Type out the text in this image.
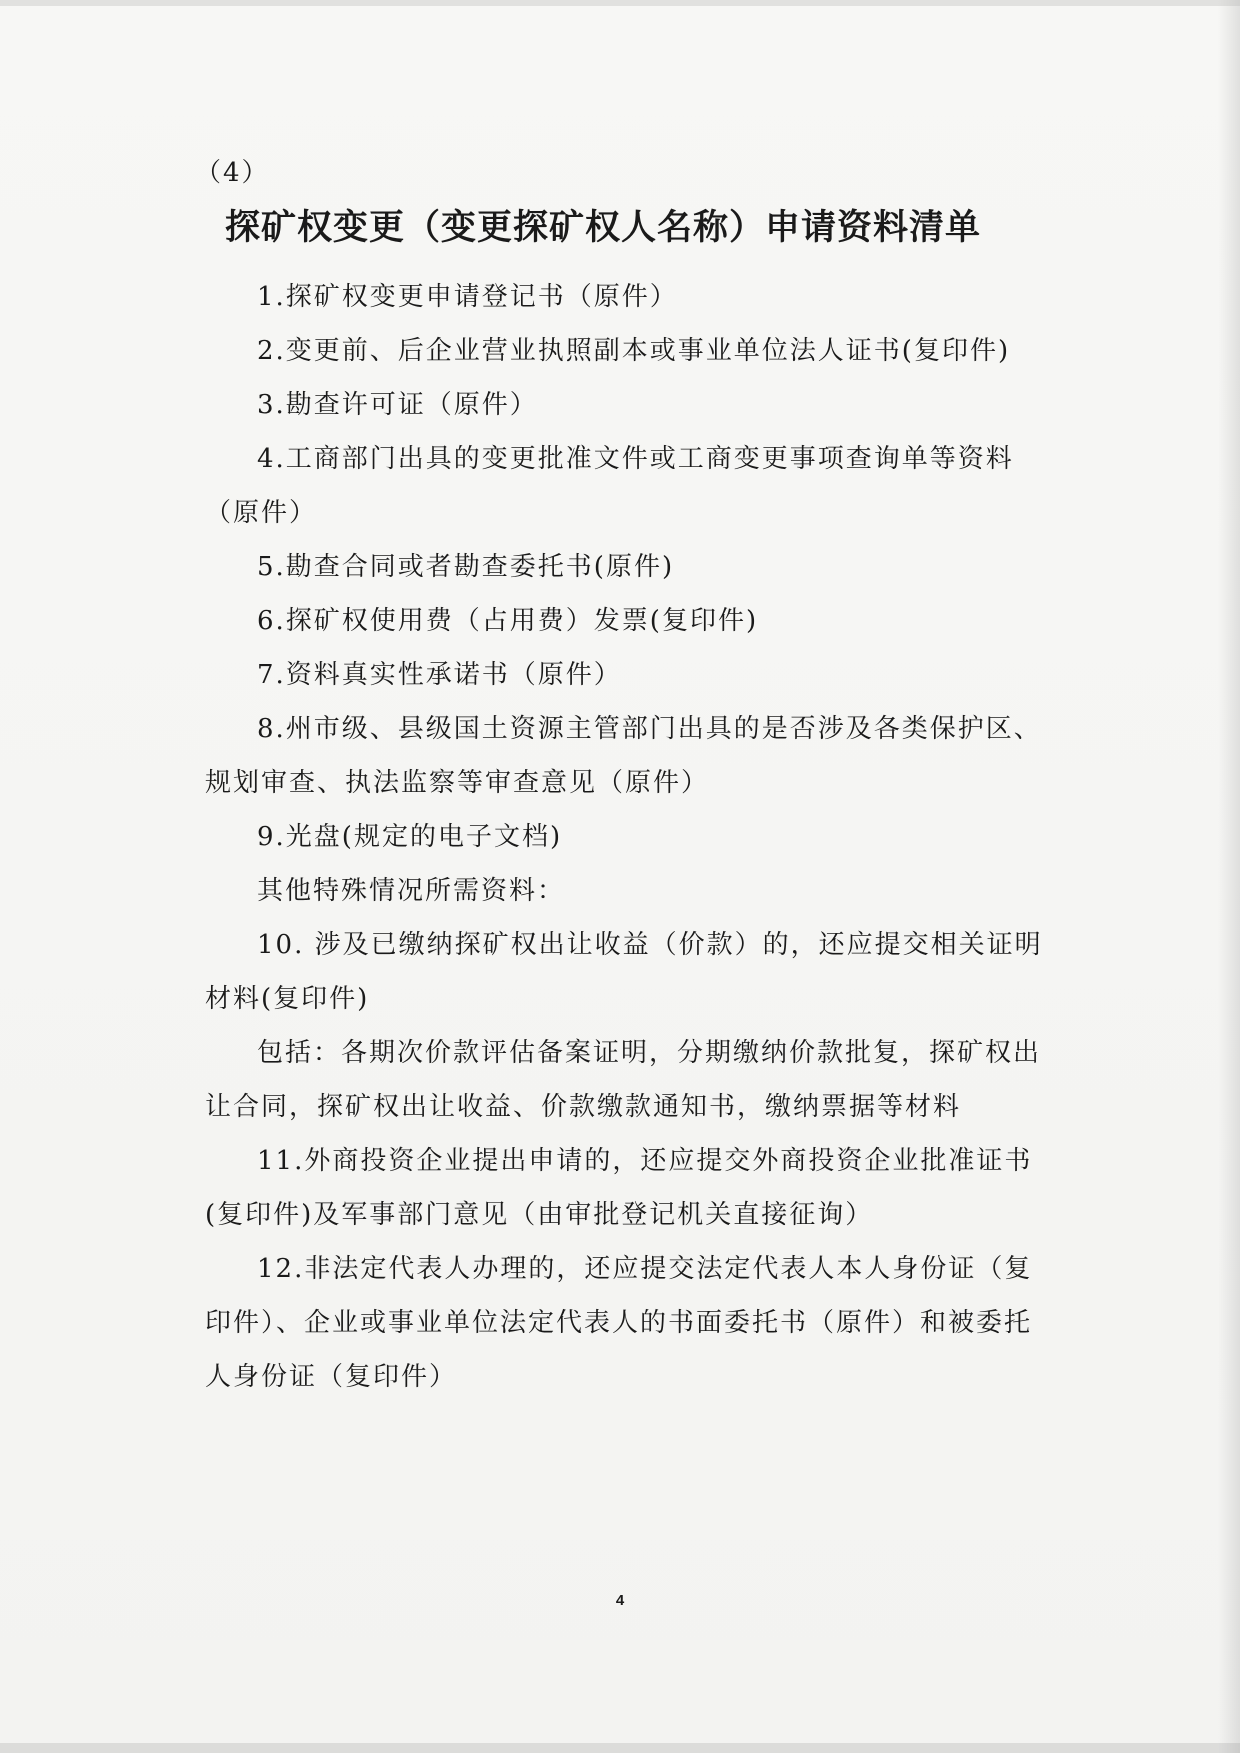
（4）
探矿权变更（变更探矿权人名称）申请资料清单

1.探矿权变更申请登记书（原件）

2.变更前、后企业营业执照副本或事业单位法人证书(复印件)

3.勘查许可证（原件）

4.工商部门出具的变更批准文件或工商变更事项查询单等资料

（原件）

5.勘查合同或者勘查委托书(原件)

6.探矿权使用费（占用费）发票(复印件)

7.资料真实性承诺书（原件）

8.州市级、县级国土资源主管部门出具的是否涉及各类保护区、

规划审查、执法监察等审查意见（原件）

9.光盘(规定的电子文档)

其他特殊情况所需资料：

10. 涉及已缴纳探矿权出让收益（价款）的，还应提交相关证明

材料(复印件)

包括：各期次价款评估备案证明，分期缴纳价款批复，探矿权出

让合同，探矿权出让收益、价款缴款通知书，缴纳票据等材料

11.外商投资企业提出申请的，还应提交外商投资企业批准证书

(复印件)及军事部门意见（由审批登记机关直接征询）

12.非法定代表人办理的，还应提交法定代表人本人身份证（复

印件）、企业或事业单位法定代表人的书面委托书（原件）和被委托

人身份证（复印件）

4
